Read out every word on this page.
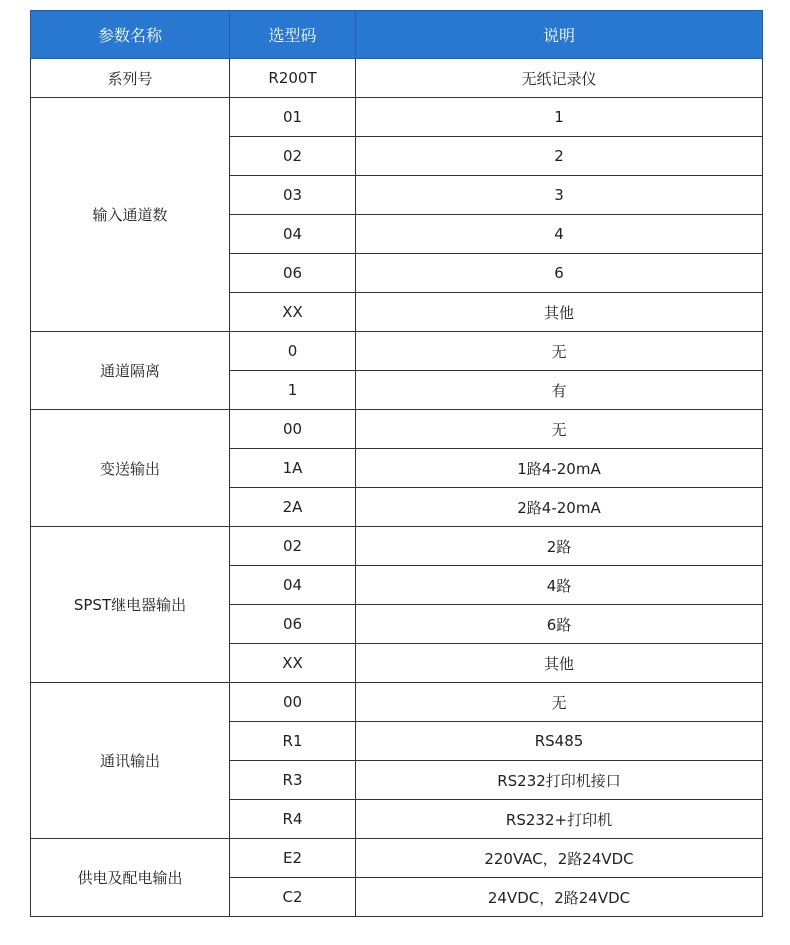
参数名称	选型码	说明
系列号	R200T	无纸记录仪
输入通道数	01	1
	02	2
	03	3
	04	4
	06	6
	XX	其他
通道隔离	0	无
	1	有
变送输出	00	无
	1A	1路4-20mA
	2A	2路4-20mA
SPST继电器输出	02	2路
	04	4路
	06	6路
	XX	其他
通讯输出	00	无
	R1	RS485
	R3	RS232打印机接口
	R4	RS232+打印机
供电及配电输出	E2	220VAC，2路24VDC
	C2	24VDC，2路24VDC
